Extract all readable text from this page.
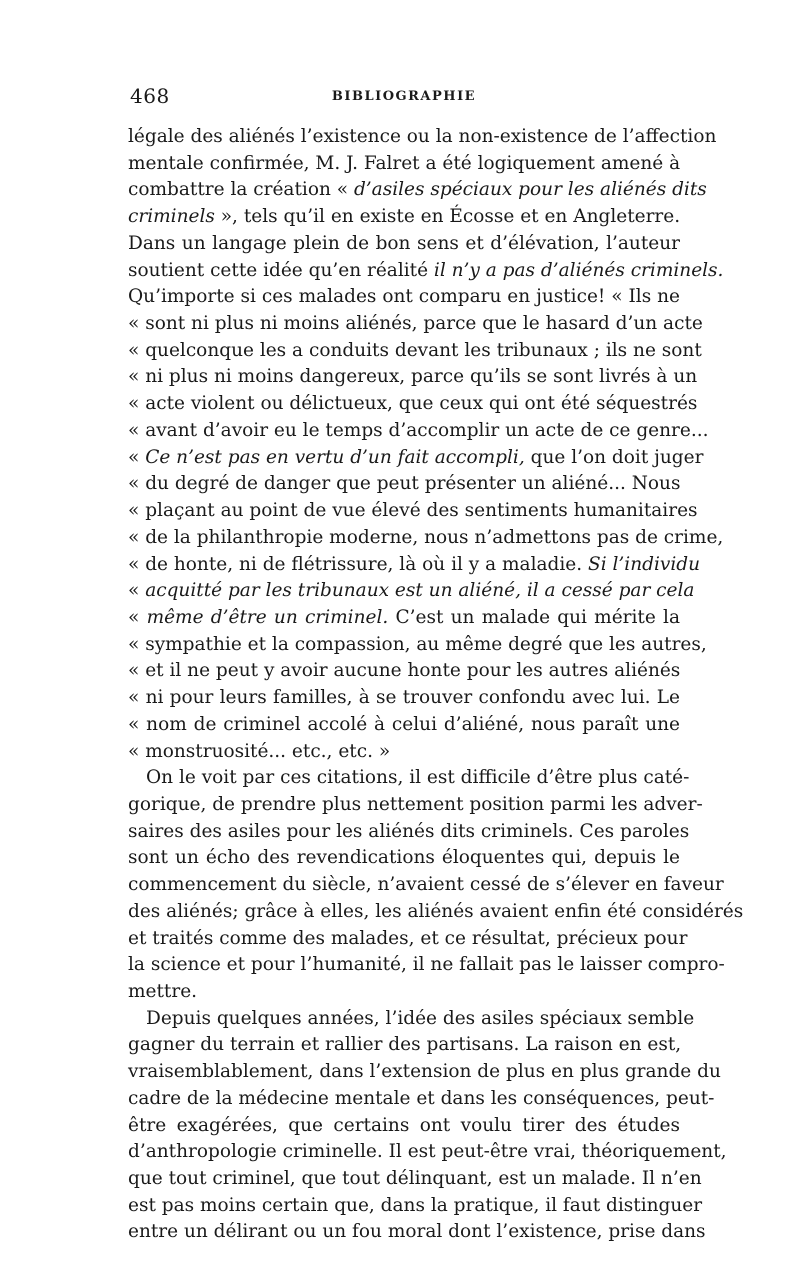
468	BIBLIOGRAPHIE
légale des aliénés l’existence ou la non-existence de l’affection
mentale confirmée, M. J. Falret a été logiquement amené à
combattre la création « d’asiles spéciaux pour les aliénés dits
criminels », tels qu’il en existe en Écosse et en Angleterre.
Dans un langage plein de bon sens et d’élévation, l’auteur
soutient cette idée qu’en réalité il n’y a pas d’aliénés criminels.
Qu’importe si ces malades ont comparu en justice! « Ils ne
« sont ni plus ni moins aliénés, parce que le hasard d’un acte
« quelconque les a conduits devant les tribunaux ; ils ne sont
« ni plus ni moins dangereux, parce qu’ils se sont livrés à un
« acte violent ou délictueux, que ceux qui ont été séquestrés
« avant d’avoir eu le temps d’accomplir un acte de ce genre...
« Ce n’est pas en vertu d’un fait accompli, que l’on doit juger
« du degré de danger que peut présenter un aliéné... Nous
« plaçant au point de vue élevé des sentiments humanitaires
« de la philanthropie moderne, nous n’admettons pas de crime,
« de honte, ni de flétrissure, là où il y a maladie. Si l’individu
« acquitté par les tribunaux est un aliéné, il a cessé par cela
« même d’être un criminel. C’est un malade qui mérite la
« sympathie et la compassion, au même degré que les autres,
« et il ne peut y avoir aucune honte pour les autres aliénés
« ni pour leurs familles, à se trouver confondu avec lui. Le
« nom de criminel accolé à celui d’aliéné, nous paraît une
« monstruosité... etc., etc. »
On le voit par ces citations, il est difficile d’être plus caté-
gorique, de prendre plus nettement position parmi les adver-
saires des asiles pour les aliénés dits criminels. Ces paroles
sont un écho des revendications éloquentes qui, depuis le
commencement du siècle, n’avaient cessé de s’élever en faveur
des aliénés; grâce à elles, les aliénés avaient enfin été considérés
et traités comme des malades, et ce résultat, précieux pour
la science et pour l’humanité, il ne fallait pas le laisser compro-
mettre.
Depuis quelques années, l’idée des asiles spéciaux semble
gagner du terrain et rallier des partisans. La raison en est,
vraisemblablement, dans l’extension de plus en plus grande du
cadre de la médecine mentale et dans les conséquences, peut-
être exagérées, que certains ont voulu tirer des études
d’anthropologie criminelle. Il est peut-être vrai, théoriquement,
que tout criminel, que tout délinquant, est un malade. Il n’en
est pas moins certain que, dans la pratique, il faut distinguer
entre un délirant ou un fou moral dont l’existence, prise dans
